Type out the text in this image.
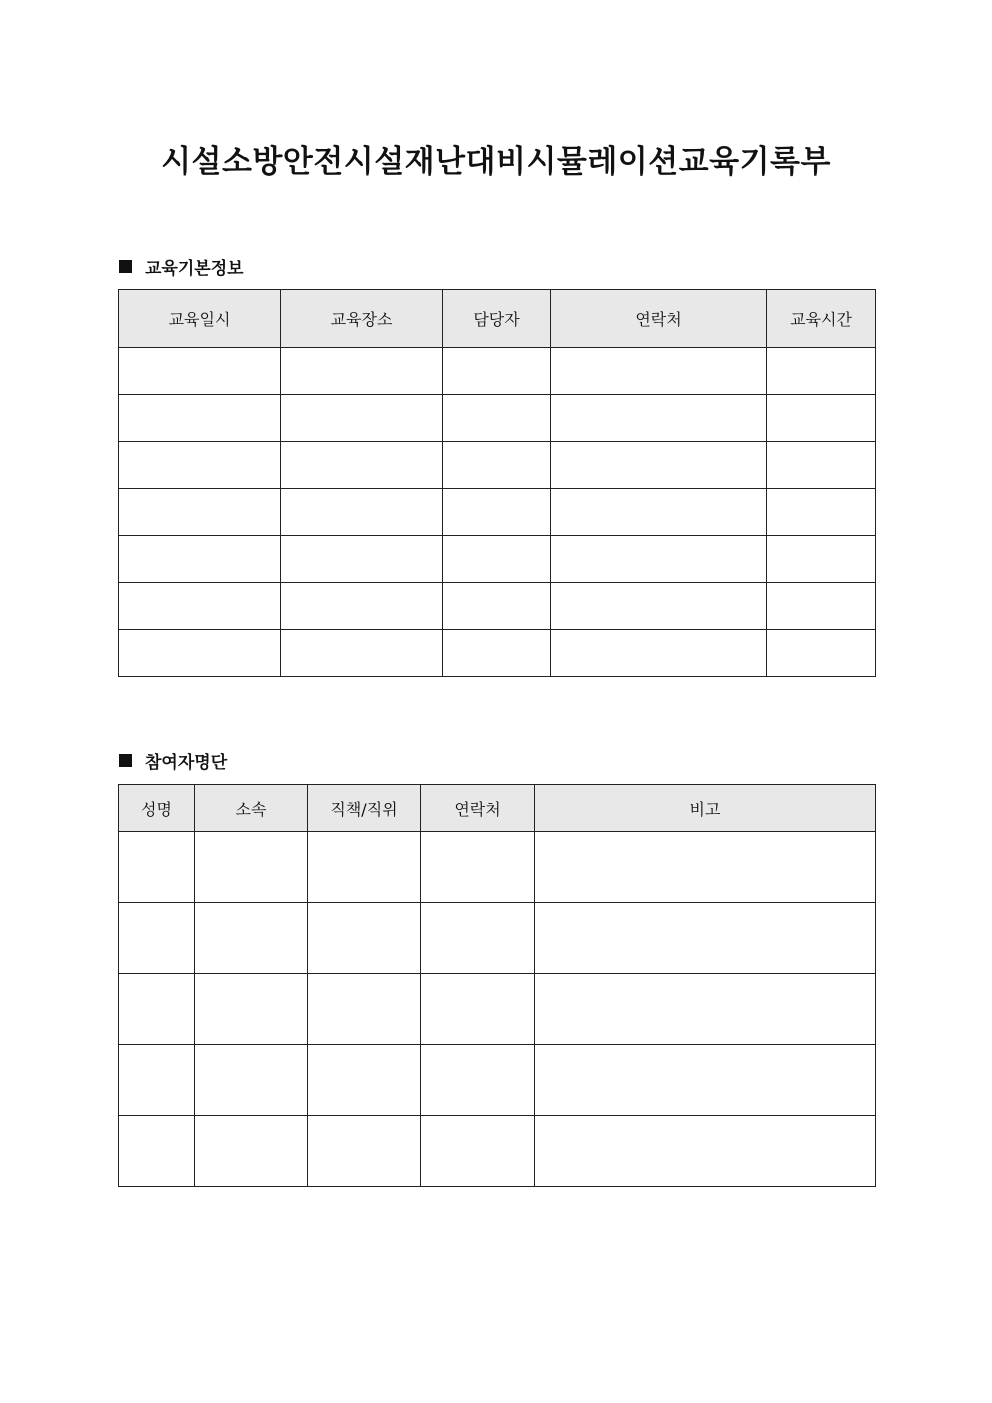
시설소방안전시설재난대비시뮬레이션교육기록부
교육기본정보
교육일시	교육장소	담당자	연락처	교육시간

참여자명단
성명	소속	직책/직위	연락처	비고
